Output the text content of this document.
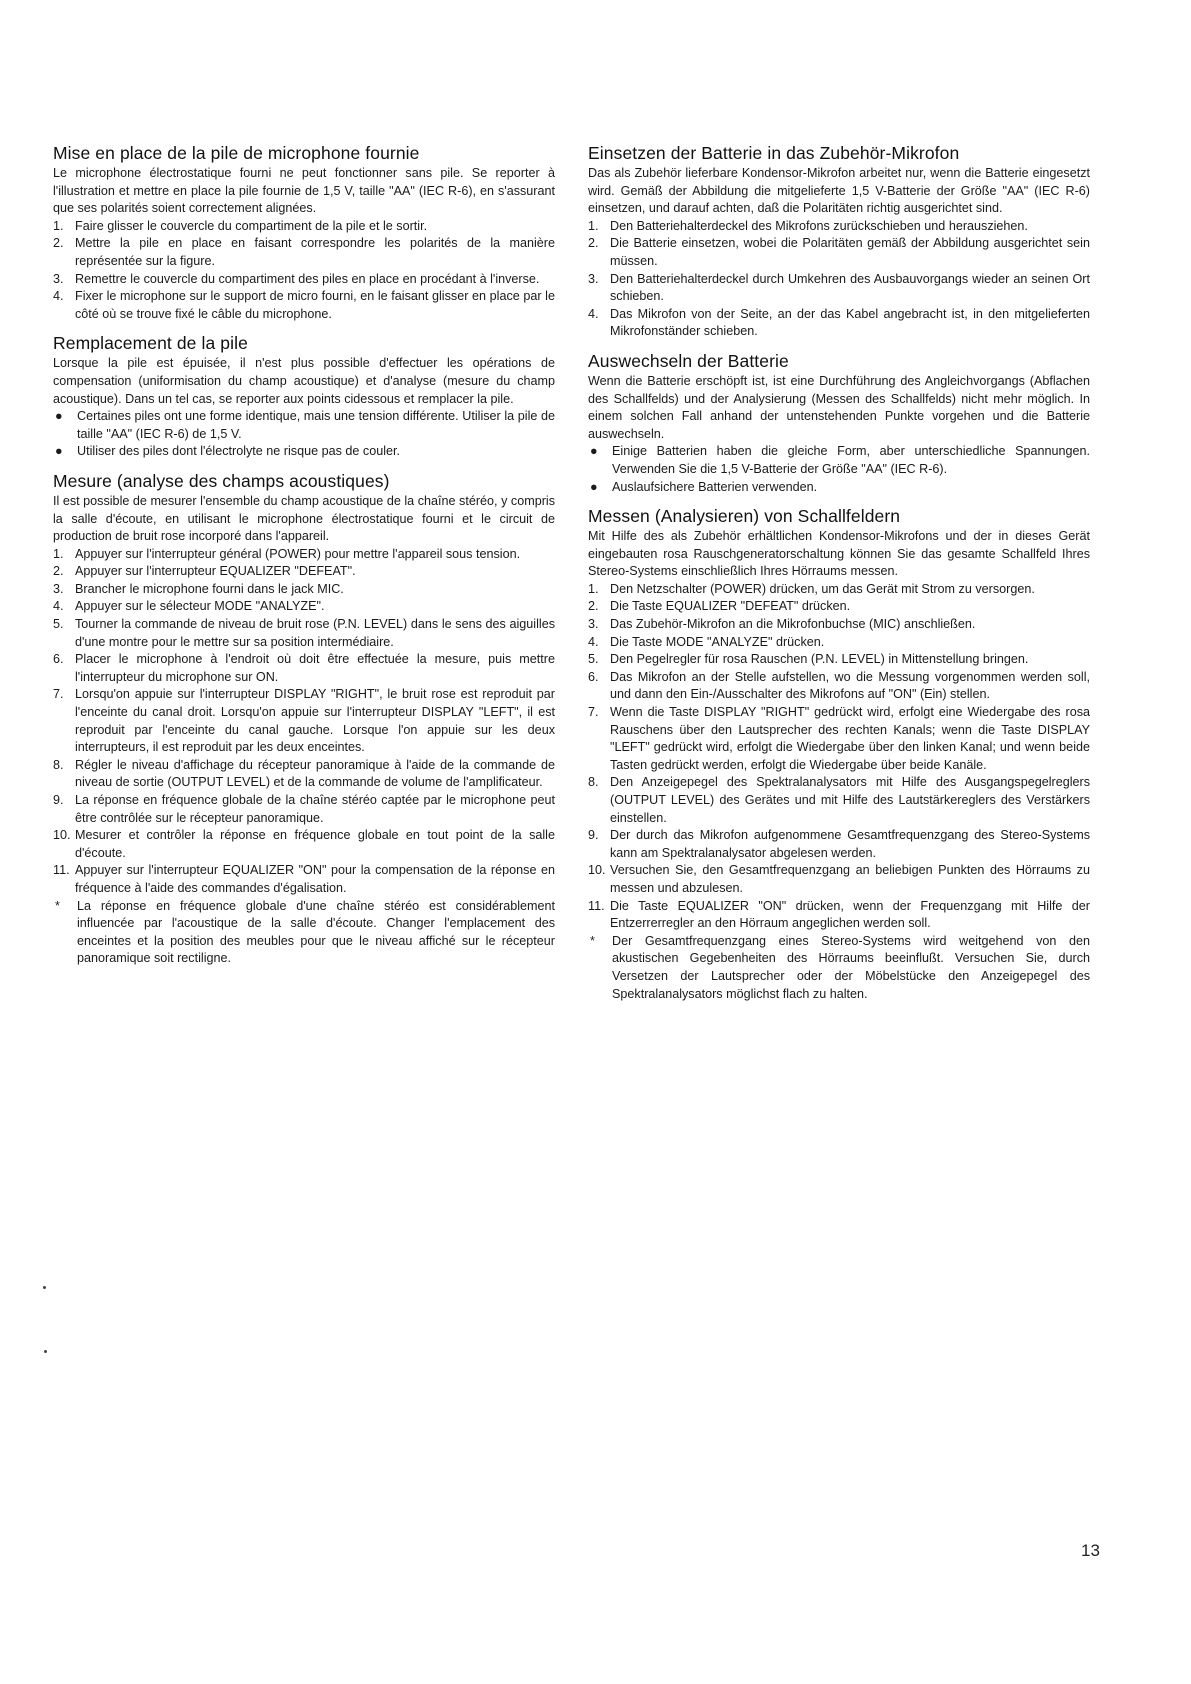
Mise en place de la pile de microphone fournie

Le microphone électrostatique fourni ne peut fonctionner sans pile. Se reporter à l'illustration et mettre en place la pile fournie de 1,5 V, taille "AA" (IEC R-6), en s'assurant que ses polarités soient correctement alignées.

1. Faire glisser le couvercle du compartiment de la pile et le sortir.
2. Mettre la pile en place en faisant correspondre les polarités de la manière représentée sur la figure.
3. Remettre le couvercle du compartiment des piles en place en procédant à l'inverse.
4. Fixer le microphone sur le support de micro fourni, en le faisant glisser en place par le côté où se trouve fixé le câble du microphone.
Remplacement de la pile

Lorsque la pile est épuisée, il n'est plus possible d'effectuer les opérations de compensation (uniformisation du champ acoustique) et d'analyse (mesure du champ acoustique). Dans un tel cas, se reporter aux points cidessous et remplacer la pile.

●	Certaines piles ont une forme identique, mais une tension différente. Utiliser la pile de taille "AA" (IEC R-6) de 1,5 V.
●	Utiliser des piles dont l'électrolyte ne risque pas de couler.
Mesure (analyse des champs acoustiques)

Il est possible de mesurer l'ensemble du champ acoustique de la chaîne stéréo, y compris la salle d'écoute, en utilisant le microphone électrostatique fourni et le circuit de production de bruit rose incorporé dans l'appareil.

1. Appuyer sur l'interrupteur général (POWER) pour mettre l'appareil sous tension.
2. Appuyer sur l'interrupteur EQUALIZER "DEFEAT".
3. Brancher le microphone fourni dans le jack MIC.
4. Appuyer sur le sélecteur MODE "ANALYZE".
5. Tourner la commande de niveau de bruit rose (P.N. LEVEL) dans le sens des aiguilles d'une montre pour le mettre sur sa position intermédiaire.
6. Placer le microphone à l'endroit où doit être effectuée la mesure, puis mettre l'interrupteur du microphone sur ON.
7. Lorsqu'on appuie sur l'interrupteur DISPLAY "RIGHT", le bruit rose est reproduit par l'enceinte du canal droit. Lorsqu'on appuie sur l'interrupteur DISPLAY "LEFT", il est reproduit par l'enceinte du canal gauche. Lorsque l'on appuie sur les deux interrupteurs, il est reproduit par les deux enceintes.
8. Régler le niveau d'affichage du récepteur panoramique à l'aide de la commande de niveau de sortie (OUTPUT LEVEL) et de la commande de volume de l'amplificateur.
9. La réponse en fréquence globale de la chaîne stéréo captée par le microphone peut être contrôlée sur le récepteur panoramique.
10. Mesurer et contrôler la réponse en fréquence globale en tout point de la salle d'écoute.
11. Appuyer sur l'interrupteur EQUALIZER "ON" pour la compensation de la réponse en fréquence à l'aide des commandes d'égalisation.
*	La réponse en fréquence globale d'une chaîne stéréo est considérablement influencée par l'acoustique de la salle d'écoute. Changer l'emplacement des enceintes et la position des meubles pour que le niveau affiché sur le récepteur panoramique soit rectiligne.
Einsetzen der Batterie in das Zubehör-Mikrofon

Das als Zubehör lieferbare Kondensor-Mikrofon arbeitet nur, wenn die Batterie eingesetzt wird. Gemäß der Abbildung die mitgelieferte 1,5 V-Batterie der Größe "AA" (IEC R-6) einsetzen, und darauf achten, daß die Polaritäten richtig ausgerichtet sind.

1. Den Batteriehalterdeckel des Mikrofons zurückschieben und herausziehen.
2. Die Batterie einsetzen, wobei die Polaritäten gemäß der Abbildung ausgerichtet sein müssen.
3. Den Batteriehalterdeckel durch Umkehren des Ausbauvorgangs wieder an seinen Ort schieben.
4. Das Mikrofon von der Seite, an der das Kabel angebracht ist, in den mitgelieferten Mikrofonständer schieben.
Auswechseln der Batterie

Wenn die Batterie erschöpft ist, ist eine Durchführung des Angleichvorgangs (Abflachen des Schallfelds) und der Analysierung (Messen des Schallfelds) nicht mehr möglich. In einem solchen Fall anhand der untenstehenden Punkte vorgehen und die Batterie auswechseln.

●	Einige Batterien haben die gleiche Form, aber unterschiedliche Spannungen. Verwenden Sie die 1,5 V-Batterie der Größe "AA" (IEC R-6).
●	Auslaufsichere Batterien verwenden.
Messen (Analysieren) von Schallfeldern

Mit Hilfe des als Zubehör erhältlichen Kondensor-Mikrofons und der in dieses Gerät eingebauten rosa Rauschgeneratorschaltung können Sie das gesamte Schallfeld Ihres Stereo-Systems einschließlich Ihres Hörraums messen.

1. Den Netzschalter (POWER) drücken, um das Gerät mit Strom zu versorgen.
2. Die Taste EQUALIZER "DEFEAT" drücken.
3. Das Zubehör-Mikrofon an die Mikrofonbuchse (MIC) anschließen.
4. Die Taste MODE "ANALYZE" drücken.
5. Den Pegelregler für rosa Rauschen (P.N. LEVEL) in Mittenstellung bringen.
6. Das Mikrofon an der Stelle aufstellen, wo die Messung vorgenommen werden soll, und dann den Ein-/Ausschalter des Mikrofons auf "ON" (Ein) stellen.
7. Wenn die Taste DISPLAY "RIGHT" gedrückt wird, erfolgt eine Wiedergabe des rosa Rauschens über den Lautsprecher des rechten Kanals; wenn die Taste DISPLAY "LEFT" gedrückt wird, erfolgt die Wiedergabe über den linken Kanal; und wenn beide Tasten gedrückt werden, erfolgt die Wiedergabe über beide Kanäle.
8. Den Anzeigepegel des Spektralanalysators mit Hilfe des Ausgangspegelreglers (OUTPUT LEVEL) des Gerätes und mit Hilfe des Lautstärkereglers des Verstärkers einstellen.
9. Der durch das Mikrofon aufgenommene Gesamtfrequenzgang des Stereo-Systems kann am Spektralanalysator abgelesen werden.
10. Versuchen Sie, den Gesamtfrequenzgang an beliebigen Punkten des Hörraums zu messen und abzulesen.
11. Die Taste EQUALIZER "ON" drücken, wenn der Frequenzgang mit Hilfe der Entzerrerregler an den Hörraum angeglichen werden soll.
*	Der Gesamtfrequenzgang eines Stereo-Systems wird weitgehend von den akustischen Gegebenheiten des Hörraums beeinflußt. Versuchen Sie, durch Versetzen der Lautsprecher oder der Möbelstücke den Anzeigepegel des Spektralanalysators möglichst flach zu halten.
13
